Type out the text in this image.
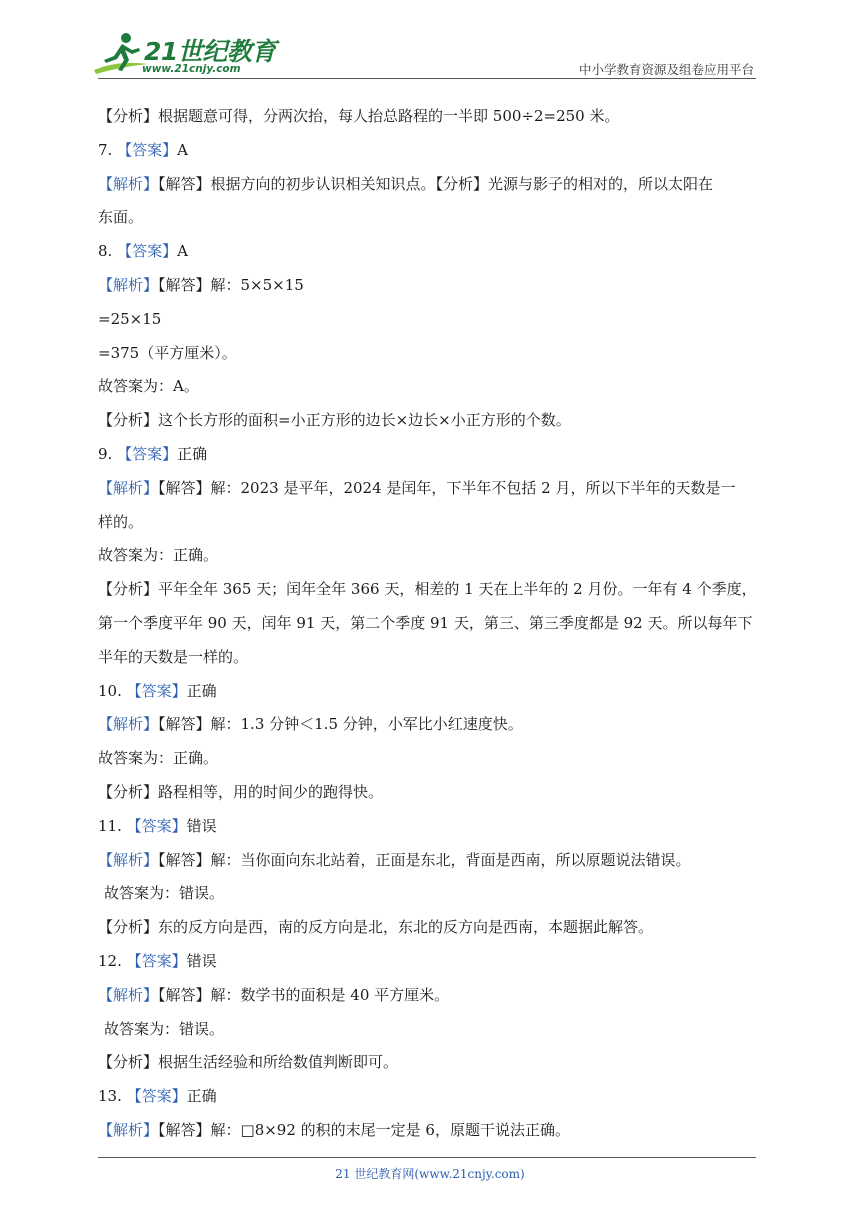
21世纪教育
www.21cnjy.com	中小学教育资源及组卷应用平台
【分析】根据题意可得，分两次抬，每人抬总路程的一半即 500÷2=250 米。
7. 【答案】A
【解析】【解答】根据方向的初步认识相关知识点。【分析】光源与影子的相对的，所以太阳在
东面。
8. 【答案】A
【解析】【解答】解：5×5×15
=25×15
=375（平方厘米）。
故答案为：A。
【分析】这个长方形的面积=小正方形的边长×边长×小正方形的个数。
9. 【答案】正确
【解析】【解答】解：2023 是平年，2024 是闰年，下半年不包括 2 月，所以下半年的天数是一
样的。
故答案为：正确。
【分析】平年全年 365 天；闰年全年 366 天，相差的 1 天在上半年的 2 月份。一年有 4 个季度，
第一个季度平年 90 天，闰年 91 天，第二个季度 91 天，第三、第三季度都是 92 天。所以每年下
半年的天数是一样的。
10. 【答案】正确
【解析】【解答】解：1.3 分钟＜1.5 分钟，小军比小红速度快。
故答案为：正确。
【分析】路程相等，用的时间少的跑得快。
11. 【答案】错误
【解析】【解答】解：当你面向东北站着，正面是东北，背面是西南，所以原题说法错误。
故答案为：错误。
【分析】东的反方向是西，南的反方向是北，东北的反方向是西南，本题据此解答。
12. 【答案】错误
【解析】【解答】解：数学书的面积是 40 平方厘米。
故答案为：错误。
【分析】根据生活经验和所给数值判断即可。
13. 【答案】正确
【解析】【解答】解：□8×92 的积的末尾一定是 6，原题干说法正确。
21 世纪教育网(www.21cnjy.com)
